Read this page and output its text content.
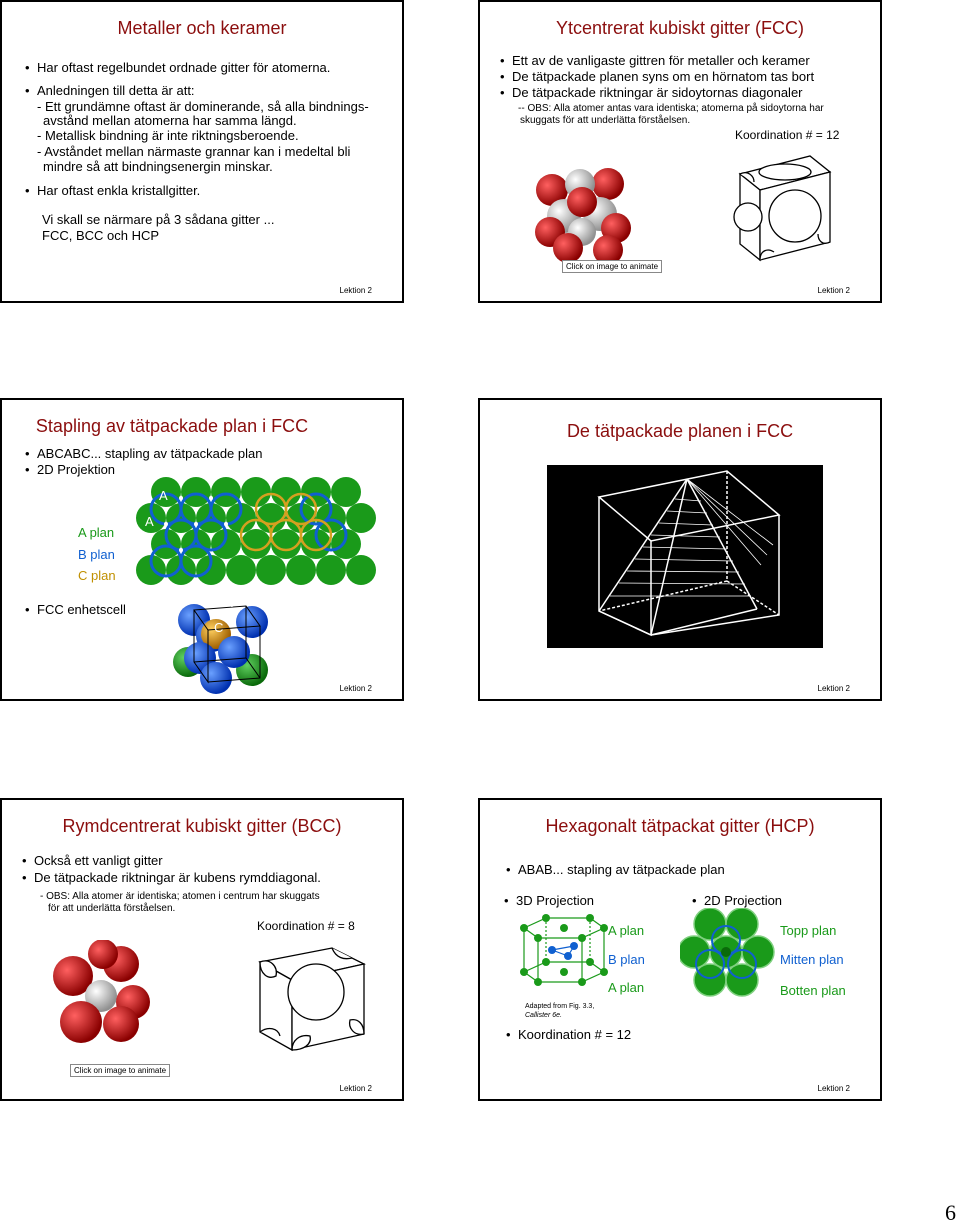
Metaller och keramer
• Har oftast regelbundet ordnade gitter för atomerna.
• Anledningen till detta är att:
- Ett grundämne oftast är dominerande, så alla bindnings-
avstånd mellan atomerna har samma längd.
- Metallisk bindning är inte riktningsberoende.
- Avståndet mellan närmaste grannar kan i medeltal bli
mindre så att bindningsenergin minskar.
• Har oftast enkla kristallgitter.
Vi skall se närmare på 3 sådana gitter ...
FCC, BCC och HCP
Lektion 2
Ytcentrerat kubiskt gitter (FCC)
• Ett av de vanligaste gittren för metaller och keramer
• De tätpackade planen syns om en hörnatom tas bort
• De tätpackade riktningar är sidoytornas diagonaler
-- OBS: Alla atomer antas vara identiska; atomerna på sidoytorna har
skuggats för att underlätta förståelsen.
Koordination # = 12
Click on image to animate
Lektion 2
Stapling av tätpackade plan i FCC
• ABCABC... stapling av tätpackade plan
• 2D Projektion
A plan
B plan
C plan
A
A
• FCC enhetscell	A
B
C
Lektion 2
De tätpackade planen i FCC
Lektion 2
Rymdcentrerat kubiskt gitter (BCC)
• Också ett vanligt gitter
• De tätpackade riktningar är kubens rymddiagonal.
- OBS: Alla atomer är identiska; atomen i centrum har skuggats
för att underlätta förståelsen.
Koordination # = 8
Click on image to animate
Lektion 2
Hexagonalt tätpackat gitter (HCP)
• ABAB... stapling av tätpackade plan
• 3D Projection
•	2D Projection
A plan
B plan
A plan
Adapted from Fig. 3.3,
Callister 6e.
Topp plan
Mitten plan
Botten plan
• Koordination # = 12
Lektion 2
6
